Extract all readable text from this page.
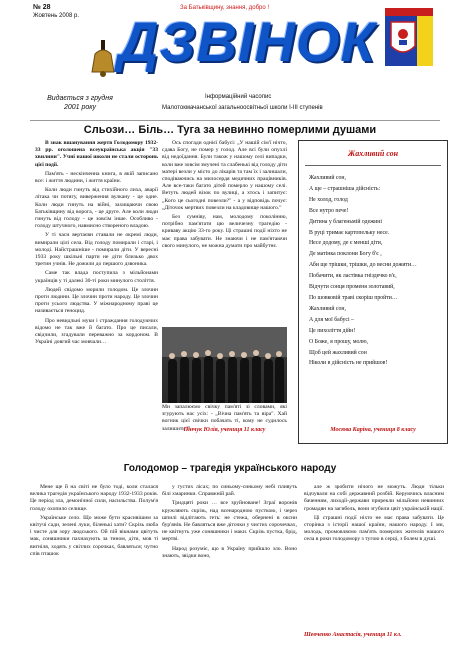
№ 28
Жовтень 2008 р.
За Батьківщину, знання, добро !
ДЗВІНОК
Видається з грудня 2001 року
Інформаційний часопис
Малотокмачанської загальноосвітньої школи І-ІІІ ступенів
Сльози… Біль… Туга за невинно померлими душами

В знак вшанування жертв Голодомору 1932-33 рр. оголошена всеукраїнська акція "33 хвилини". Учні нашої школи не стали осторонь цієї події.

Пам'ять - нескінченна книга, в якій записано все: і життя людини, і життя країни.

Коли люди гинуть від стихійного лиха, аварії літака чи потягу, вивержения вулкану - це одне. Коли люди гинуть на війні, захищаючи свою Батьківщину від ворога, - це друге. Але коли люди гинуть від голоду - це зовсім інше. Особливо - голоду штучного, навмисно створеного владою.

У ті часи вертаєвн ставали не окремі люди, вимирали цілі села. Від голоду помирали і старі, і молоді. Найстрашніше - помирали діти. У вересні 1933 року шкільні парти не діти близько двох третин учнів. Не дожили до першого дзвоника.

Саме так влада поступила з мільйонами українців у ті далекі 30-ті роки минулого століття.

Людей свідомо морили голодом. Це злочин проти людини. Це злочин проти народу. Це злочин проти усього людства. У міжнародному праві це називається геноцид.

Про невидльні муки і страждання голодуючих відомо не так вже й багато. Про це писали, свідчили, згадували переважно за кордоном. В Україні довгий час мовчали…

Ось спогади однієї бабусі: „У нашій сім'ї нічто, сдава Богу, не помер у голод. Але всі були опухлі від недоїдання. Були також у нашому селі випадки, коли вже зовсім змучені та слабенькі від голоду діти матері везли у місто до лікарів та там їх і залишали, сподіваючись на милосердя медичних працівників. Але все-таки багато дітей померло у нашому селі. Ветуть людей візок по вулиці, а хтось і запитує: „Кого це сьогодні повезли?" - а у відповідь почує: „Діточок мертвих повезли на кладовище нашого."

Без сумніву, нам, молодому поколінню, потрібно пам'ятати цю величезну трагедію - криваву акцію 33-го року. Ці страшні події ніхто не має права забувати. Не знаючи і не пам'ятаючи свого минулого, не можна думати про майбутнє.

Ми запалюємо свічку пам'яті зі словами, які згурують нас усіх: - „Вічна пам'ять та віра". Хай вогник цієї свічки побачать ті, кому не судилось залишити її.
Пінчук Юлія, учениця 11 класу
Жахливий сон
Жахливий сон,
А ще – страшніша дійсність:
Не холод, голод
Все нутро пече!
Дитина у благеньмій одежині
В руці тримає картопельку несе.
Несе додому, де є менші діти,
Де матінка поклони Богу б'є ,
Аби ще трішки, трішки, до весни дожити…
Побачити, як ластівка гніздечко в'є,
Відчути сонця променя золотавий,
По шовковій траві скоріш пройти…
Жахливий сон,
А для мої бабусі –
Це пихоліття дійн!
О Боже, я прошу, молю,
Щоб цей жахливий сон
Ніколи в дійсність не прийшов!
Мосюва Каріна, учениця 8 класу
Голодомор – трагедія українського народу

Мене ще й на світі не було тоді, коли сталася велика трагедія українського народу 1932-1933 років. Це період зла, демонічної сили, насильства. Полум'я голоду охопило селище.

Українське село. Що може бути красивішим за квітучі сади, зелені луки, біленькі хати? Скрізь люба і чисте для зору людського. Ой пій вікнами цвітуть мак, соняшники пахнахують за тином, діти, мов ті вигніля, ходять у світлих сорочках, бавляться; чутно спів пташок

у густих лісах; по синьому-синьому небі пливуть білі хмаринки. Справжній рай.

Тридцяті роки … все зруйноване! Зграї воронів кружляють скрізь, над всенародною пусткою, і через шпилі відлітають геть: не стежа, обернені в оксни бур'янів. Не бавляться вже діточки у чистих сорочечках, не квітнуть уже соняшники і маки. Скрізь пустка, брід, мертві.

Народ розуміє, що в Україну прийшло зло. Воно знають, звідки воно,

але ж зробити нічого не можуть. Люди тільки відчували на собі державний розбій. Керуючись власним баченням, лиходії-держави прирекли мільйони невинних громадян на загибель, вони згубили цвіт українській нації.

Ці страшні події ніхто не має права забувати. Це сторінка з історії нашої країни, нашого народу. І ми, молодь, промовляємо пам'ять померлих жителів нашого села в роки голодомору з тугою в серці, з болем в душі.

Шевченко Анастасія, учениця 11 кл.
